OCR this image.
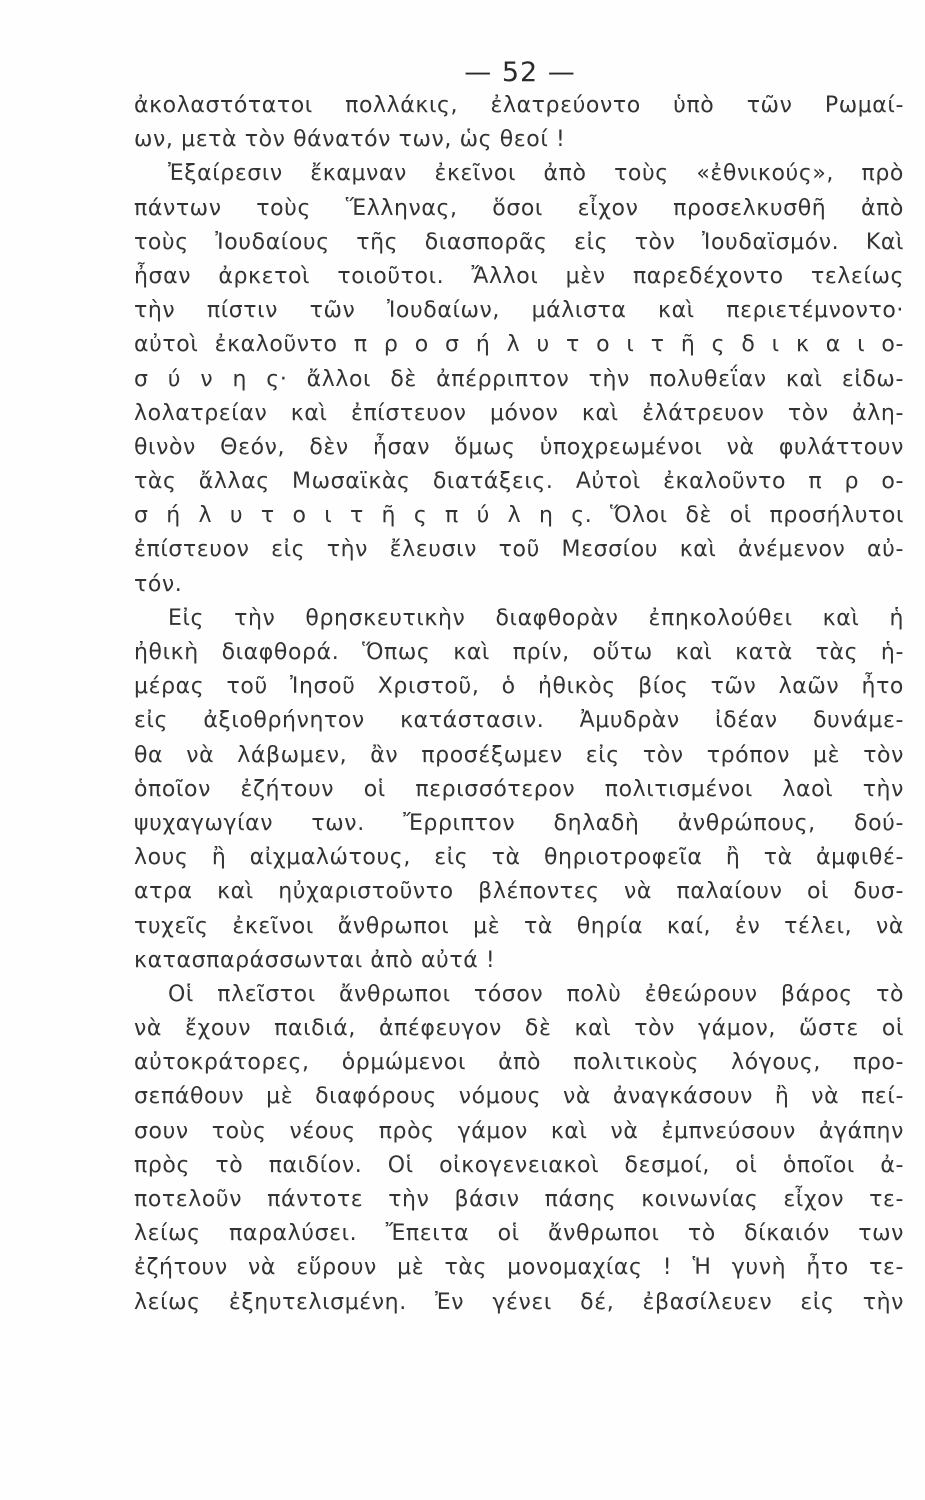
— 52 —
ἀκολαστότατοι πολλάκις, ἐλατρεύοντο ὑπὸ τῶν Ρωμαί-
ων, μετὰ τὸν θάνατόν των, ὡς θεοί !
Ἐξαίρεσιν ἔκαμναν ἐκεῖνοι ἀπὸ τοὺς «ἐθνικούς», πρὸ
πάντων τοὺς Ἕλληνας, ὅσοι εἶχον προσελκυσθῆ ἀπὸ
τοὺς Ἰουδαίους τῆς διασπορᾶς εἰς τὸν Ἰουδαϊσμόν. Καὶ
ἦσαν ἀρκετοὶ τοιοῦτοι. Ἄλλοι μὲν παρεδέχοντο τελείως
τὴν πίστιν τῶν Ἰουδαίων, μάλιστα καὶ περιετέμνοντο·
αὐτοὶ ἐκαλοῦντο π ρ ο σ ή λ υ τ ο ι τ ῆ ς δ ι κ α ι ο-
σ ύ ν η ς· ἄλλοι δὲ ἀπέρριπτον τὴν πολυθεΐαν καὶ εἰδω-
λολατρείαν καὶ ἐπίστευον μόνον καὶ ἐλάτρευον τὸν ἀλη-
θινὸν Θεόν, δὲν ἦσαν ὅμως ὑποχρεωμένοι νὰ φυλάττουν
τὰς ἄλλας Μωσαϊκὰς διατάξεις. Αὐτοὶ ἐκαλοῦντο π ρ ο-
σ ή λ υ τ ο ι τ ῆ ς π ύ λ η ς. Ὅλοι δὲ οἱ προσήλυτοι
ἐπίστευον εἰς τὴν ἔλευσιν τοῦ Μεσσίου καὶ ἀνέμενον αὐ-
τόν.
Εἰς τὴν θρησκευτικὴν διαφθορὰν ἐπηκολούθει καὶ ἡ
ἠθικὴ διαφθορά. Ὅπως καὶ πρίν, οὕτω καὶ κατὰ τὰς ἡ-
μέρας τοῦ Ἰησοῦ Χριστοῦ, ὁ ἠθικὸς βίος τῶν λαῶν ἦτο
εἰς ἀξιοθρήνητον κατάστασιν. Ἀμυδρὰν ἰδέαν δυνάμε-
θα νὰ λάβωμεν, ἂν προσέξωμεν εἰς τὸν τρόπον μὲ τὸν
ὁποῖον ἐζήτουν οἱ περισσότερον πολιτισμένοι λαοὶ τὴν
ψυχαγωγίαν των. Ἔρριπτον δηλαδὴ ἀνθρώπους, δού-
λους ἢ αἰχμαλώτους, εἰς τὰ θηριοτροφεῖα ἢ τὰ ἀμφιθέ-
ατρα καὶ ηὐχαριστοῦντο βλέποντες νὰ παλαίουν οἱ δυσ-
τυχεῖς ἐκεῖνοι ἄνθρωποι μὲ τὰ θηρία καί, ἐν τέλει, νὰ
κατασπαράσσωνται ἀπὸ αὐτά !
Οἱ πλεῖστοι ἄνθρωποι τόσον πολὺ ἐθεώρουν βάρος τὸ
νὰ ἔχουν παιδιά, ἀπέφευγον δὲ καὶ τὸν γάμον, ὥστε οἱ
αὐτοκράτορες, ὁρμώμενοι ἀπὸ πολιτικοὺς λόγους, προ-
σεπάθουν μὲ διαφόρους νόμους νὰ ἀναγκάσουν ἢ νὰ πεί-
σουν τοὺς νέους πρὸς γάμον καὶ νὰ ἐμπνεύσουν ἀγάπην
πρὸς τὸ παιδίον. Οἱ οἰκογενειακοὶ δεσμοί, οἱ ὁποῖοι ἀ-
ποτελοῦν πάντοτε τὴν βάσιν πάσης κοινωνίας εἶχον τε-
λείως παραλύσει. Ἔπειτα οἱ ἄνθρωποι τὸ δίκαιόν των
ἐζήτουν νὰ εὕρουν μὲ τὰς μονομαχίας ! Ἡ γυνὴ ἦτο τε-
λείως ἐξηυτελισμένη. Ἐν γένει δέ, ἐβασίλευεν εἰς τὴν
